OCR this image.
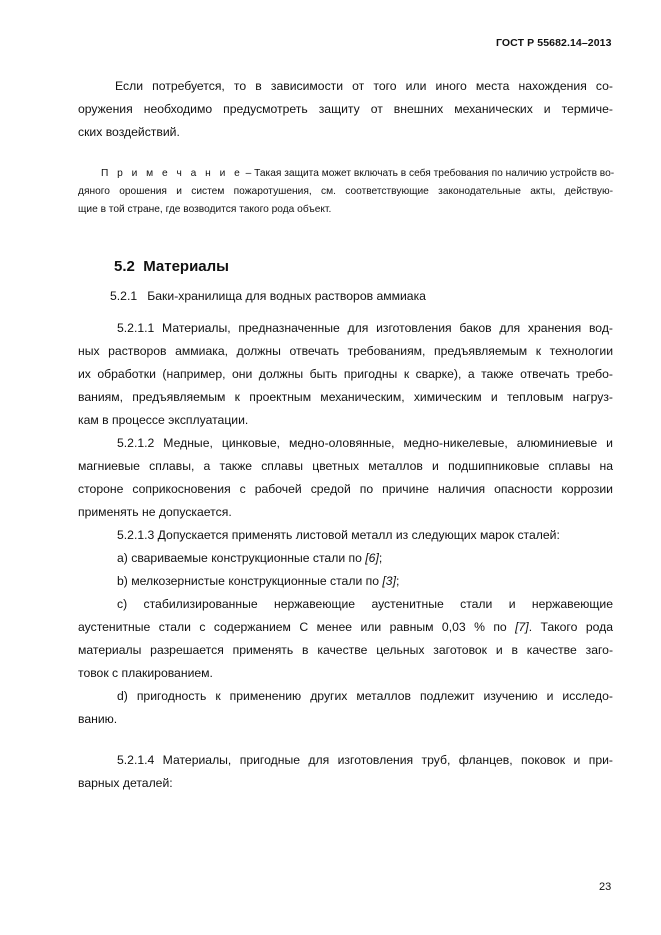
ГОСТ Р 55682.14–2013
Если потребуется, то в зависимости от того или иного места нахождения со-
оружения необходимо предусмотреть защиту от внешних механических и термиче-
ских воздействий.
П р и м е ч а н и е – Такая защита может включать в себя требования по наличию устройств во-
дяного орошения и систем пожаротушения, см. соответствующие законодательные акты, действую-
щие в той стране, где возводится такого рода объект.
5.2 Материалы
5.2.1 Баки-хранилища для водных растворов аммиака
5.2.1.1 Материалы, предназначенные для изготовления баков для хранения вод-
ных растворов аммиака, должны отвечать требованиям, предъявляемым к технологии
их обработки (например, они должны быть пригодны к сварке), а также отвечать требо-
ваниям, предъявляемым к проектным механическим, химическим и тепловым нагруз-
кам в процессе эксплуатации.
5.2.1.2 Медные, цинковые, медно-оловянные, медно-никелевые, алюминиевые и
магниевые сплавы, а также сплавы цветных металлов и подшипниковые сплавы на
стороне соприкосновения с рабочей средой по причине наличия опасности коррозии
применять не допускается.
5.2.1.3 Допускается применять листовой металл из следующих марок сталей:
а) свариваемые конструкционные стали по [6];
b) мелкозернистые конструкционные стали по [3];
c) стабилизированные нержавеющие аустенитные стали и нержавеющие
аустенитные стали с содержанием C менее или равным 0,03 % по [7]. Такого рода
материалы разрешается применять в качестве цельных заготовок и в качестве заго-
товок с плакированием.
d) пригодность к применению других металлов подлежит изучению и исследо-
ванию.
5.2.1.4 Материалы, пригодные для изготовления труб, фланцев, поковок и при-
варных деталей:
23
